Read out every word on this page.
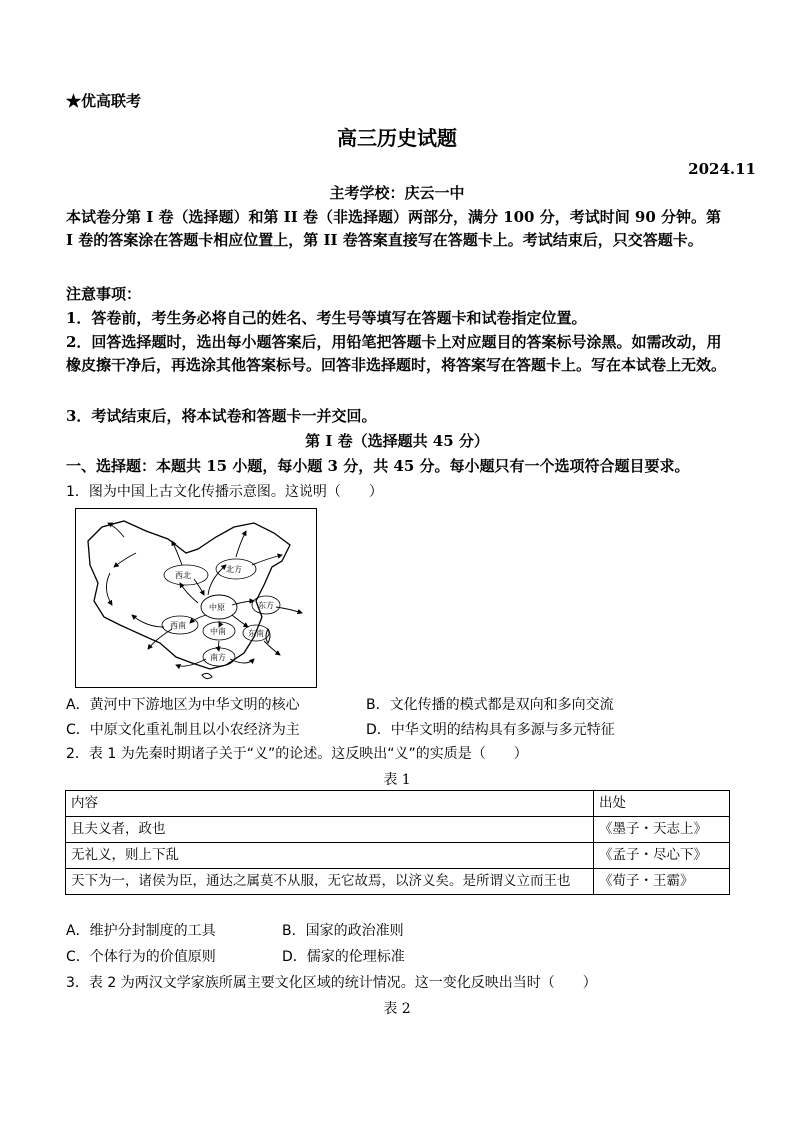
★优高联考
高三历史试题
2024.11
主考学校：庆云一中
本试卷分第 I 卷（选择题）和第 II 卷（非选择题）两部分，满分 100 分，考试时间 90 分钟。第 I 卷的答案涂在答题卡相应位置上，第 II 卷答案直接写在答题卡上。考试结束后，只交答题卡。
注意事项：
1．答卷前，考生务必将自己的姓名、考生号等填写在答题卡和试卷指定位置。
2．回答选择题时，选出每小题答案后，用铅笔把答题卡上对应题目的答案标号涂黑。如需改动，用橡皮擦干净后，再选涂其他答案标号。回答非选择题时，将答案写在答题卡上。写在本试卷上无效。
3．考试结束后，将本试卷和答题卡一并交回。
第 I 卷（选择题共 45 分）
一、选择题：本题共 15 小题，每小题 3 分，共 45 分。每小题只有一个选项符合题目要求。
1．图为中国上古文化传播示意图。这说明（　　）
西北
北方
中原	东方
西南
中南	东南
南方
A．黄河中下游地区为中华文明的核心	B．文化传播的模式都是双向和多向交流
C．中原文化重礼制且以小农经济为主	D．中华文明的结构具有多源与多元特征
2．表 1 为先秦时期诸子关于“义”的论述。这反映出“义”的实质是（　　）
表 1
内容	出处
且夫义者，政也	《墨子・天志上》
无礼义，则上下乱	《孟子・尽心下》
天下为一，诸侯为臣，通达之属莫不从服，无它故焉，以济义矣。是所谓义立而王也	《荀子・王霸》
A．维护分封制度的工具	B．国家的政治准则
C．个体行为的价值原则	D．儒家的伦理标准
3．表 2 为两汉文学家族所属主要文化区域的统计情况。这一变化反映出当时（　　）
表 2
